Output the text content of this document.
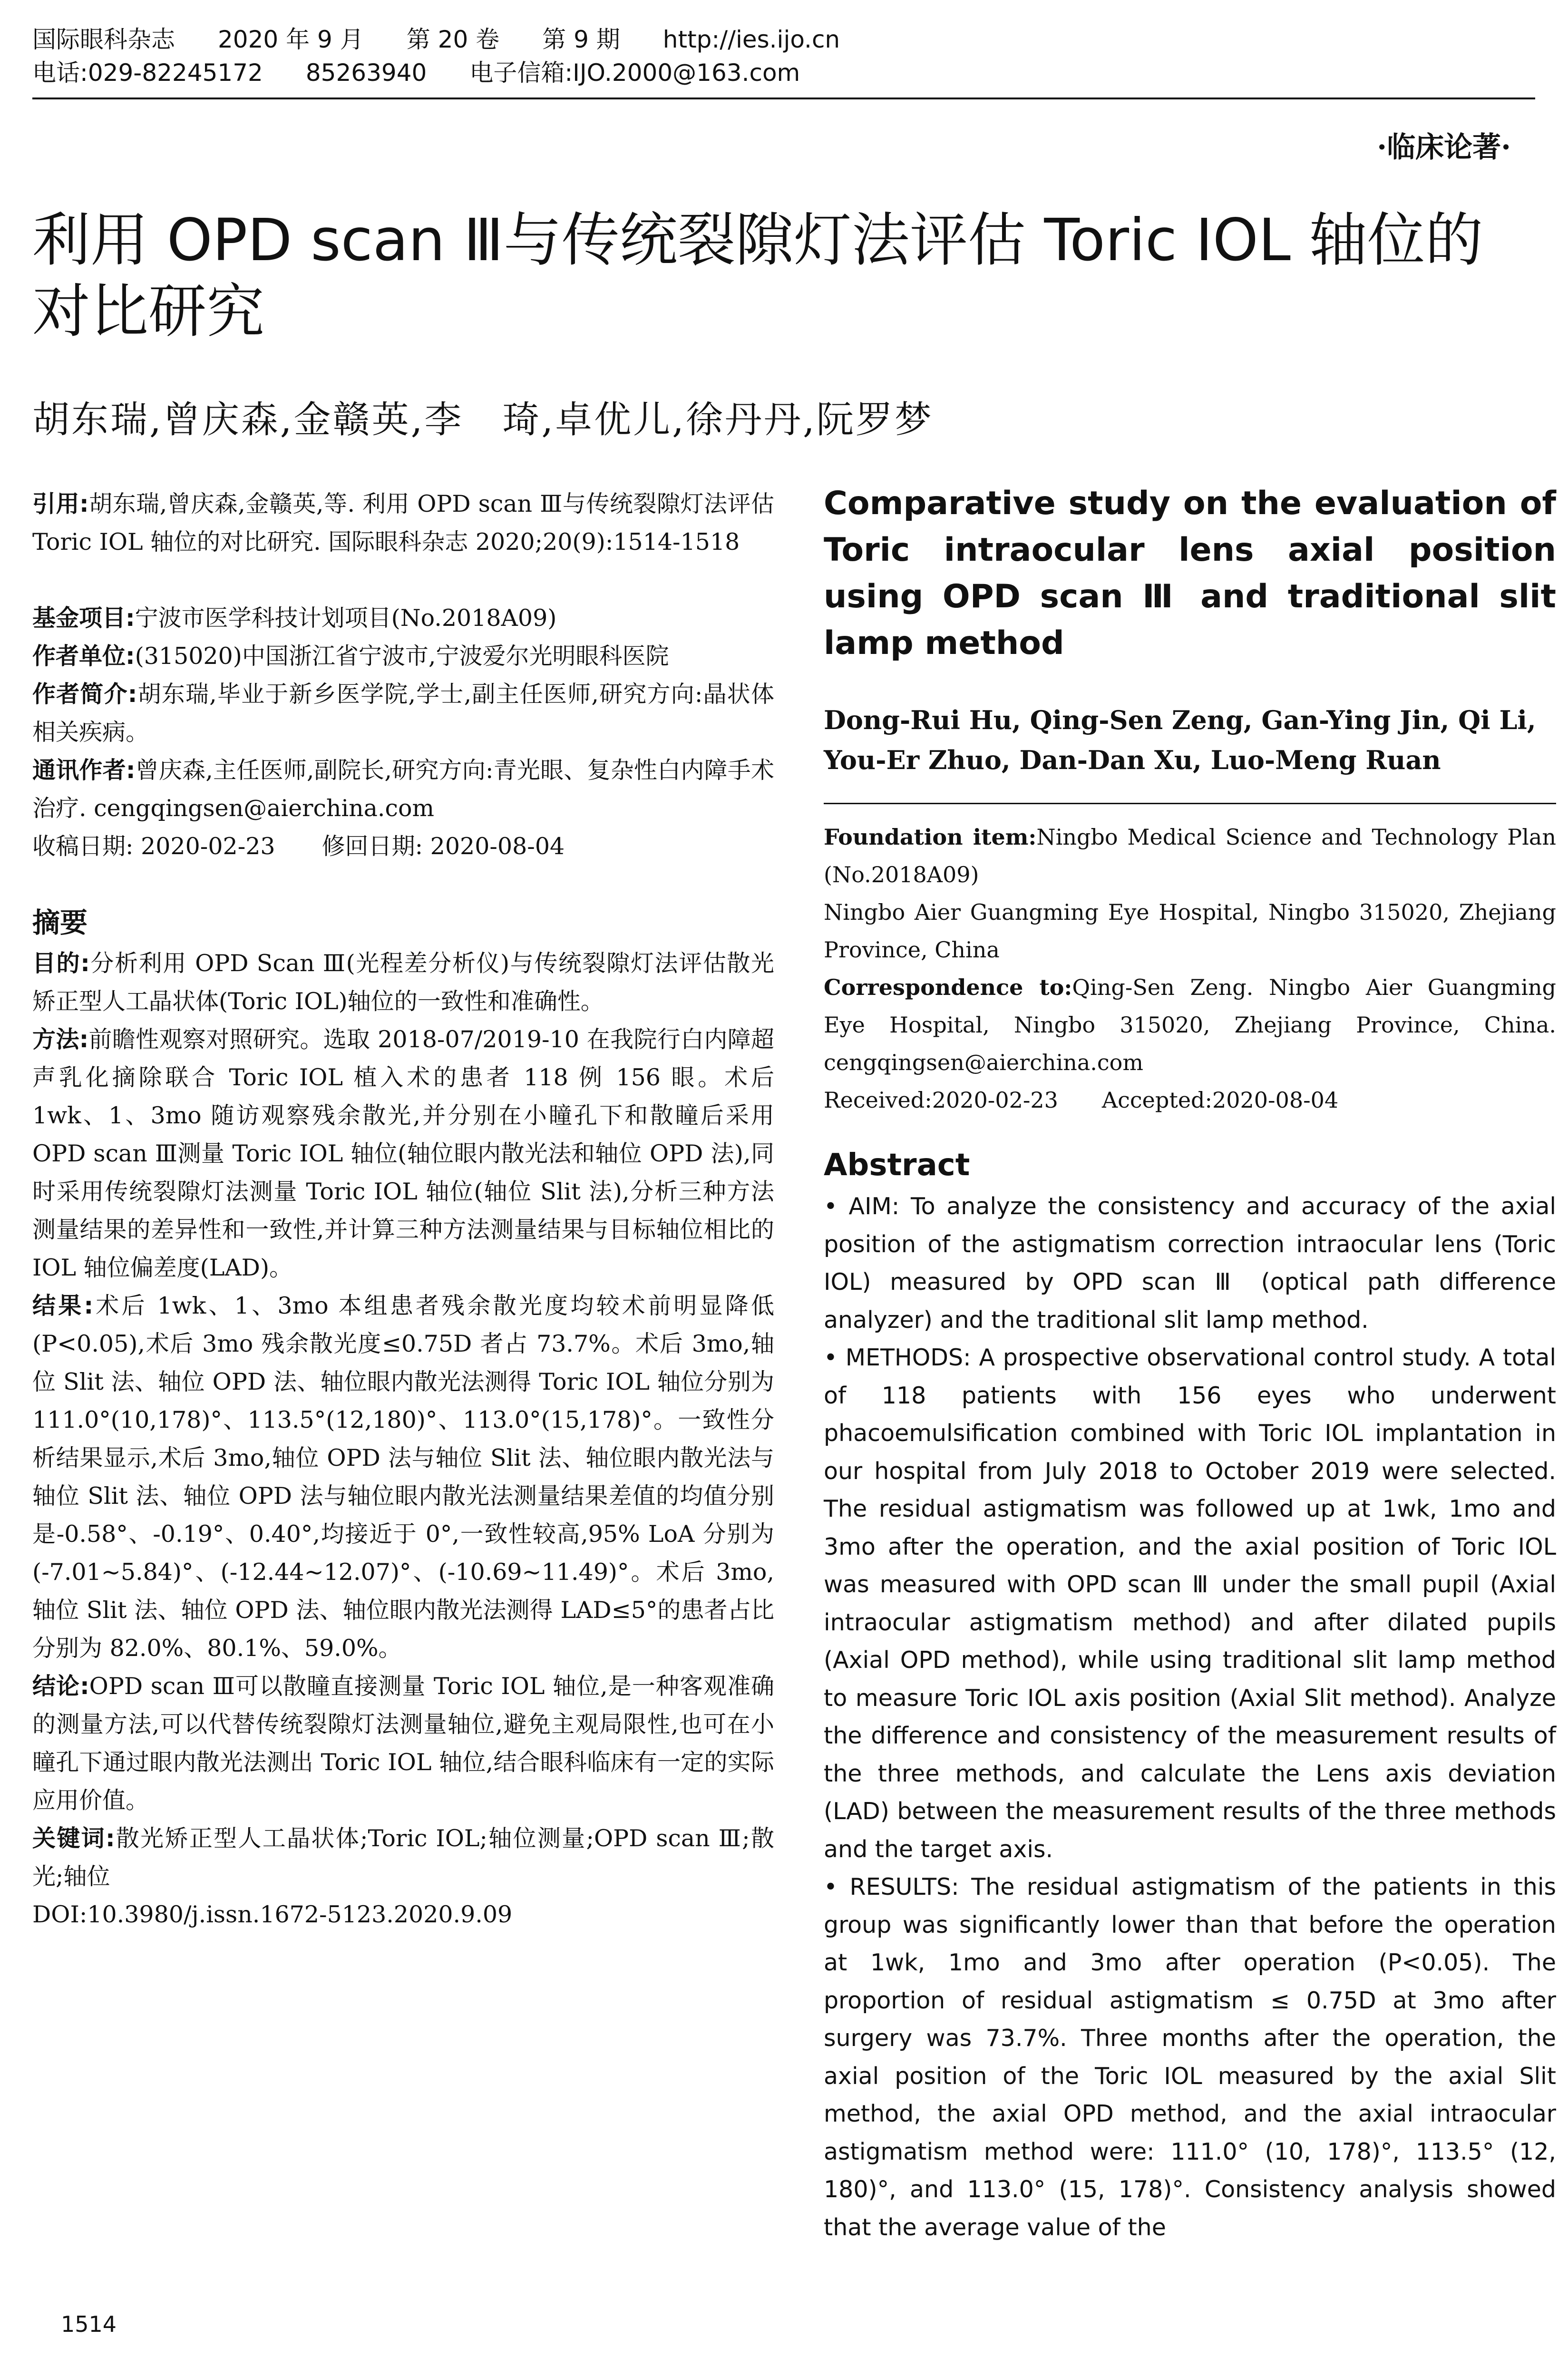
国际眼科杂志 2020 年 9 月 第 20 卷 第 9 期 http://ies.ijo.cn
电话:029-82245172 85263940 电子信箱:IJO.2000@163.com
·临床论著·
利用 OPD scan Ⅲ与传统裂隙灯法评估 Toric IOL 轴位的对比研究
胡东瑞,曾庆森,金赣英,李　琦,卓优儿,徐丹丹,阮罗梦

引用:胡东瑞,曾庆森,金赣英,等. 利用 OPD scan Ⅲ与传统裂隙灯法评估 Toric IOL 轴位的对比研究. 国际眼科杂志 2020;20(9):1514-1518

基金项目:宁波市医学科技计划项目(No.2018A09)

作者单位:(315020)中国浙江省宁波市,宁波爱尔光明眼科医院

作者简介:胡东瑞,毕业于新乡医学院,学士,副主任医师,研究方向:晶状体相关疾病。

通讯作者:曾庆森,主任医师,副院长,研究方向:青光眼、复杂性白内障手术治疗. cengqingsen@aierchina.com

收稿日期: 2020-02-23　　修回日期: 2020-08-04

摘要

目的:分析利用 OPD Scan Ⅲ(光程差分析仪)与传统裂隙灯法评估散光矫正型人工晶状体(Toric IOL)轴位的一致性和准确性。

方法:前瞻性观察对照研究。选取 2018-07/2019-10 在我院行白内障超声乳化摘除联合 Toric IOL 植入术的患者 118 例 156 眼。术后 1wk、1、3mo 随访观察残余散光,并分别在小瞳孔下和散瞳后采用 OPD scan Ⅲ测量 Toric IOL 轴位(轴位眼内散光法和轴位 OPD 法),同时采用传统裂隙灯法测量 Toric IOL 轴位(轴位 Slit 法),分析三种方法测量结果的差异性和一致性,并计算三种方法测量结果与目标轴位相比的 IOL 轴位偏差度(LAD)。

结果:术后 1wk、1、3mo 本组患者残余散光度均较术前明显降低(P<0.05),术后 3mo 残余散光度≤0.75D 者占 73.7%。术后 3mo,轴位 Slit 法、轴位 OPD 法、轴位眼内散光法测得 Toric IOL 轴位分别为 111.0°(10,178)°、113.5°(12,180)°、113.0°(15,178)°。一致性分析结果显示,术后 3mo,轴位 OPD 法与轴位 Slit 法、轴位眼内散光法与轴位 Slit 法、轴位 OPD 法与轴位眼内散光法测量结果差值的均值分别是-0.58°、-0.19°、0.40°,均接近于 0°,一致性较高,95% LoA 分别为(-7.01~5.84)°、(-12.44~12.07)°、(-10.69~11.49)°。术后 3mo,轴位 Slit 法、轴位 OPD 法、轴位眼内散光法测得 LAD≤5°的患者占比分别为 82.0%、80.1%、59.0%。

结论:OPD scan Ⅲ可以散瞳直接测量 Toric IOL 轴位,是一种客观准确的测量方法,可以代替传统裂隙灯法测量轴位,避免主观局限性,也可在小瞳孔下通过眼内散光法测出 Toric IOL 轴位,结合眼科临床有一定的实际应用价值。

关键词:散光矫正型人工晶状体;Toric IOL;轴位测量;OPD scan Ⅲ;散光;轴位

DOI:10.3980/j.issn.1672-5123.2020.9.09

Comparative study on the evaluation of Toric intraocular lens axial position using OPD scan Ⅲ and traditional slit lamp method

Dong-Rui Hu, Qing-Sen Zeng, Gan-Ying Jin, Qi Li, You-Er Zhuo, Dan-Dan Xu, Luo-Meng Ruan

Foundation item:Ningbo Medical Science and Technology Plan (No.2018A09)

Ningbo Aier Guangming Eye Hospital, Ningbo 315020, Zhejiang Province, China

Correspondence to:Qing-Sen Zeng. Ningbo Aier Guangming Eye Hospital, Ningbo 315020, Zhejiang Province, China. cengqingsen@aierchina.com

Received:2020-02-23　　Accepted:2020-08-04

Abstract

• AIM: To analyze the consistency and accuracy of the axial position of the astigmatism correction intraocular lens (Toric IOL) measured by OPD scan Ⅲ (optical path difference analyzer) and the traditional slit lamp method.

• METHODS: A prospective observational control study. A total of 118 patients with 156 eyes who underwent phacoemulsification combined with Toric IOL implantation in our hospital from July 2018 to October 2019 were selected. The residual astigmatism was followed up at 1wk, 1mo and 3mo after the operation, and the axial position of Toric IOL was measured with OPD scan Ⅲ under the small pupil (Axial intraocular astigmatism method) and after dilated pupils (Axial OPD method), while using traditional slit lamp method to measure Toric IOL axis position (Axial Slit method). Analyze the difference and consistency of the measurement results of the three methods, and calculate the Lens axis deviation (LAD) between the measurement results of the three methods and the target axis.

• RESULTS: The residual astigmatism of the patients in this group was significantly lower than that before the operation at 1wk, 1mo and 3mo after operation (P<0.05). The proportion of residual astigmatism ≤ 0.75D at 3mo after surgery was 73.7%. Three months after the operation, the axial position of the Toric IOL measured by the axial Slit method, the axial OPD method, and the axial intraocular astigmatism method were: 111.0° (10, 178)°, 113.5° (12, 180)°, and 113.0° (15, 178)°. Consistency analysis showed that the average value of the

1514
